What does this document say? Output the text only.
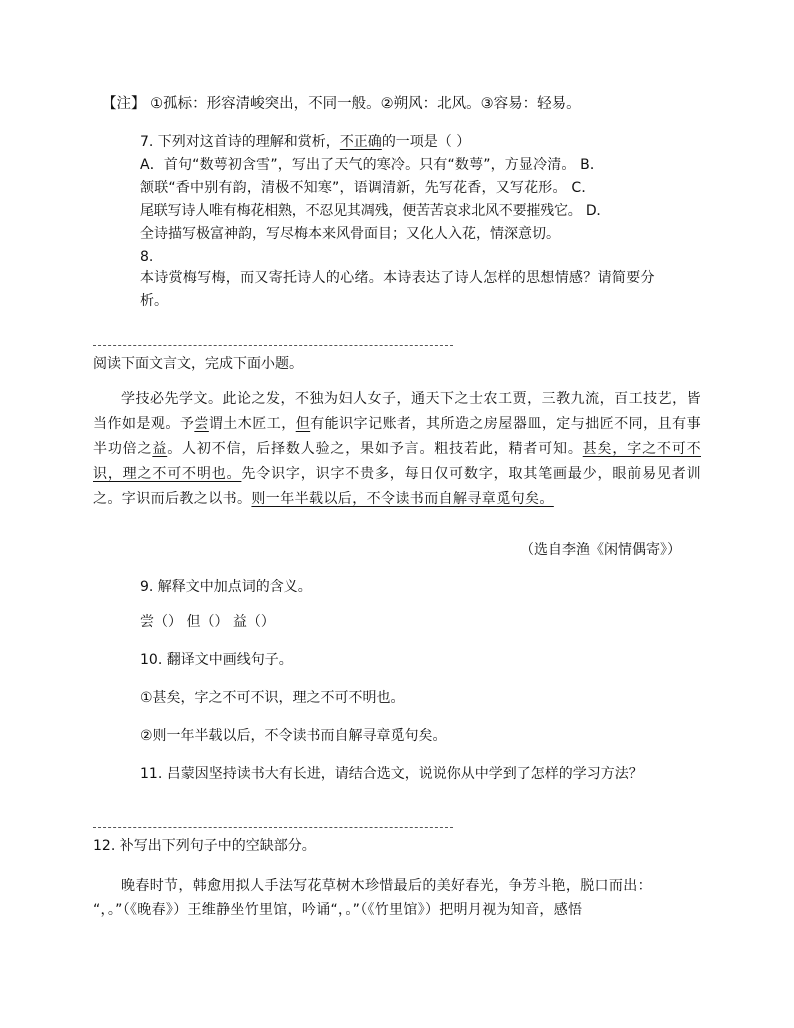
【注】 ①孤标：形容清峻突出，不同一般。②朔风：北风。③容易：轻易。
7. 下列对这首诗的理解和赏析，不正确的一项是（ ）
A．首句“数萼初含雪”，写出了天气的寒冷。只有“数萼”，方显冷清。 B．
颔联“香中别有韵，清极不知寒”，语调清新，先写花香，又写花形。 C．
尾联写诗人唯有梅花相熟，不忍见其凋残，便苦苦哀求北风不要摧残它。 D．
全诗描写极富神韵，写尽梅本来风骨面目；又化人入花，情深意切。
8.
本诗赏梅写梅，而又寄托诗人的心绪。本诗表达了诗人怎样的思想情感？请简要分
析。
阅读下面文言文，完成下面小题。

学技必先学文。此论之发，不独为妇人女子，通天下之士农工贾，三教九流，百工技艺，皆当作如是观。予尝谓土木匠工，但有能识字记账者，其所造之房屋器皿，定与拙匠不同，且有事半功倍之益。人初不信，后择数人验之，果如予言。粗技若此，精者可知。甚矣，字之不可不识，理之不可不明也。先令识字，识字不贵多，每日仅可数字，取其笔画最少，眼前易见者训之。字识而后教之以书。则一年半载以后，不令读书而自解寻章觅句矣。

（选自李渔《闲情偶寄》）
9. 解释文中加点词的含义。
尝（） 但（） 益（）
10. 翻译文中画线句子。
①甚矣，字之不可不识，理之不可不明也。
②则一年半载以后，不令读书而自解寻章觅句矣。
11. 吕蒙因坚持读书大有长进，请结合选文，说说你从中学到了怎样的学习方法？
12. 补写出下列句子中的空缺部分。
晚春时节，韩愈用拟人手法写花草树木珍惜最后的美好春光，争芳斗艳，脱口而出：
“，。”（《晚春》）王维静坐竹里馆，吟诵“，。”（《竹里馆》）把明月视为知音，感悟
